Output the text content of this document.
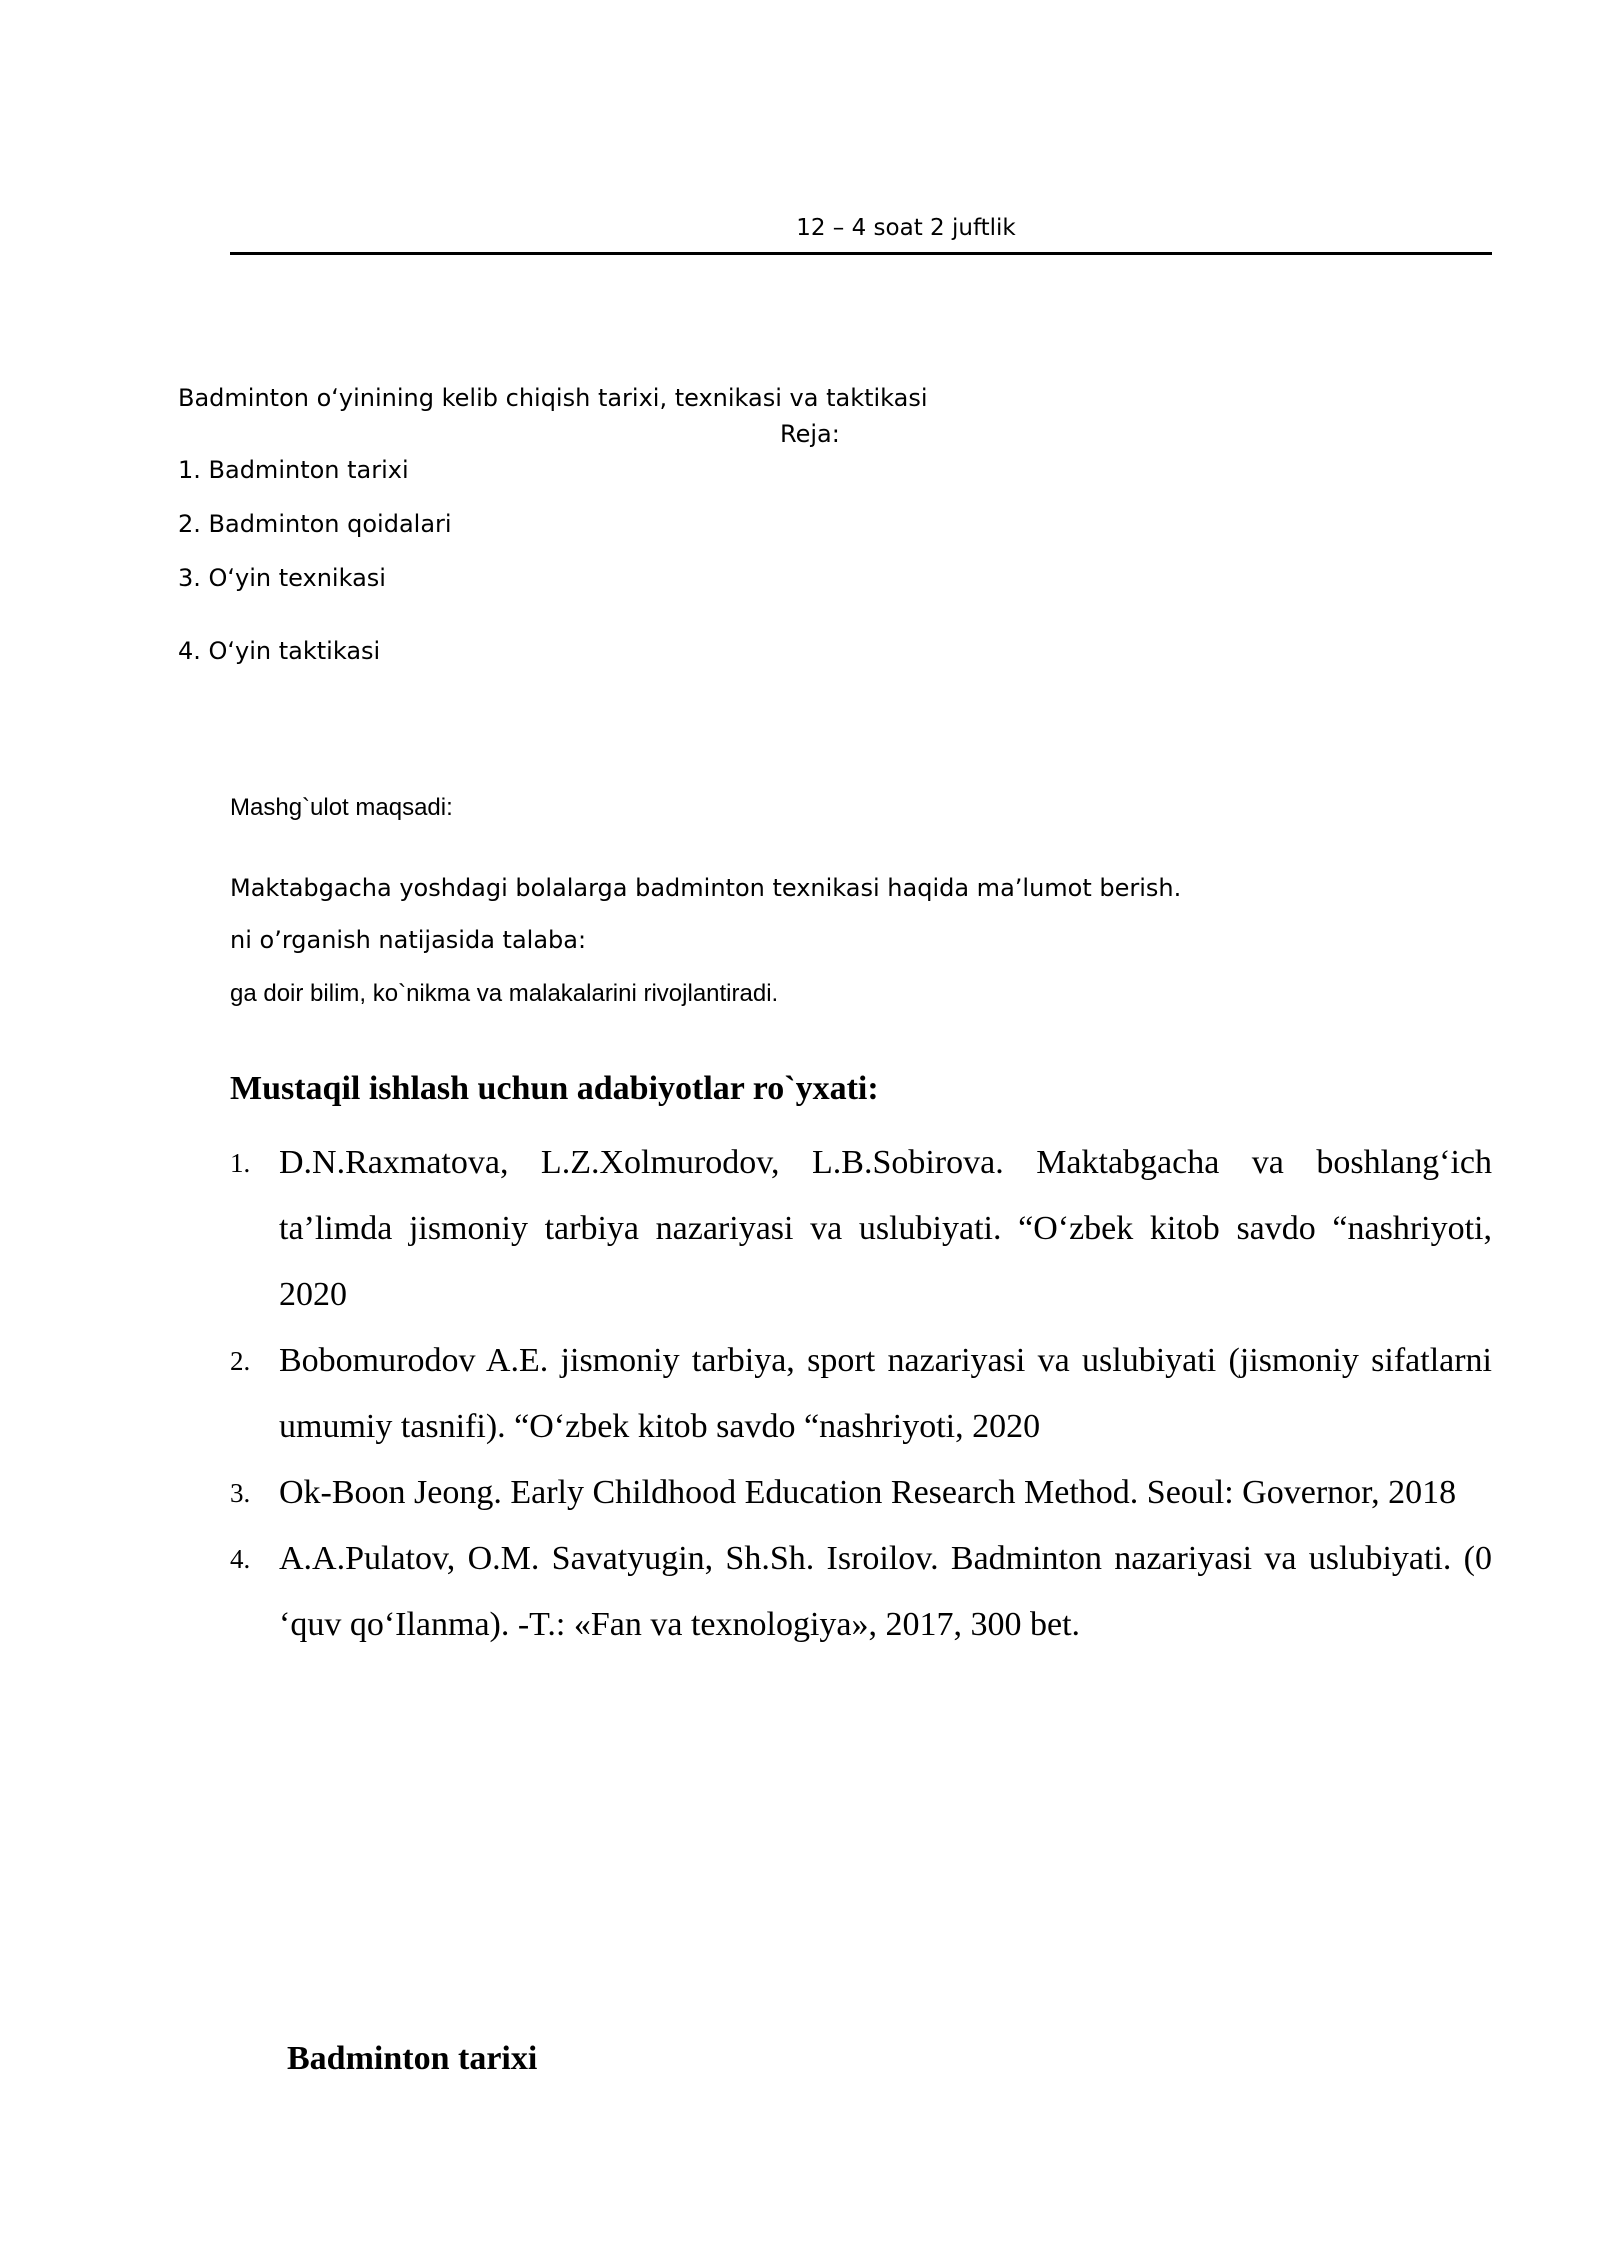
12 – 4 soat 2 juftlik
Badminton oʻyinining kelib chiqish tarixi, texnikasi va taktikasi
Reja:
1. Badminton tarixi
2. Badminton qoidalari
3. Oʻyin texnikasi
4. Oʻyin taktikasi
Mashg`ulot maqsadi:
Maktabgacha yoshdagi bolalarga badminton texnikasi haqida ma’lumot berish.
ni o’rganish natijasida talaba:
ga doir bilim, ko`nikma va malakalarini rivojlantiradi.
Mustaqil ishlash uchun adabiyotlar ro`yxati:
1. D.N.Raxmatova, L.Z.Xolmurodov, L.B.Sobirova. Maktabgacha va boshlangʻich ta’limda jismoniy tarbiya nazariyasi va uslubiyati. “Oʻzbek kitob savdo “nashriyoti, 2020
2. Bobomurodov A.E. jismoniy tarbiya, sport nazariyasi va uslubiyati (jismoniy sifatlarni umumiy tasnifi). “Oʻzbek kitob savdo “nashriyoti, 2020
3. Ok-Boon Jeong. Early Childhood Education Research Method. Seoul: Governor, 2018
4. A.A.Pulatov, O.M. Savatyugin, Sh.Sh. Isroilov. Badminton nazariyasi va uslubiyati. (0 ‘quv qoʻIlanma). -T.: «Fan va texnologiya», 2017, 300 bet.
Badminton tarixi
